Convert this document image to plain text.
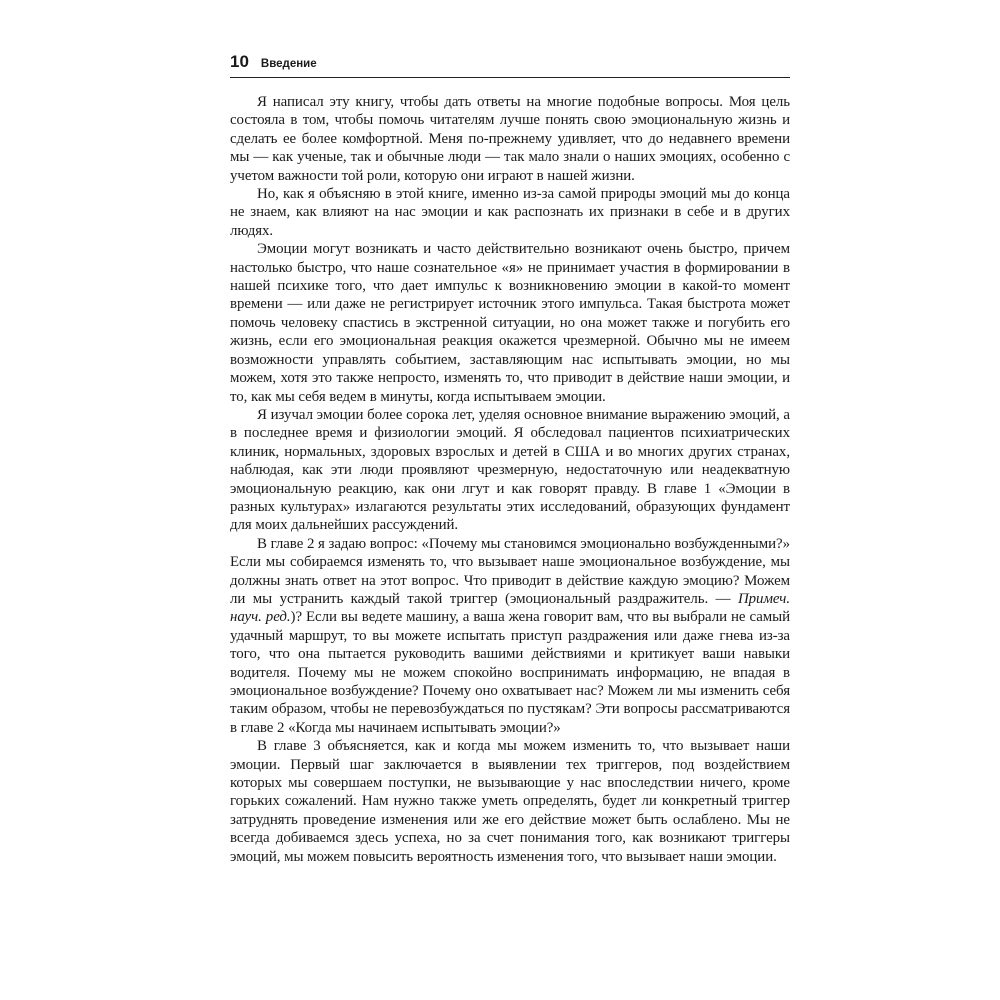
10 Введение

Я написал эту книгу, чтобы дать ответы на многие подобные вопросы. Моя цель состояла в том, чтобы помочь читателям лучше понять свою эмоциональную жизнь и сделать ее более комфортной. Меня по-прежнему удивляет, что до недавнего времени мы — как ученые, так и обычные люди — так мало знали о наших эмоциях, особенно с учетом важности той роли, которую они играют в нашей жизни.

Но, как я объясняю в этой книге, именно из-за самой природы эмоций мы до конца не знаем, как влияют на нас эмоции и как распознать их признаки в себе и в других людях.

Эмоции могут возникать и часто действительно возникают очень быстро, причем настолько быстро, что наше сознательное «я» не принимает участия в формировании в нашей психике того, что дает импульс к возникновению эмоции в какой-то момент времени — или даже не регистрирует источник этого импульса. Такая быстрота может помочь человеку спастись в экстренной ситуации, но она может также и погубить его жизнь, если его эмоциональная реакция окажется чрезмерной. Обычно мы не имеем возможности управлять событием, заставляющим нас испытывать эмоции, но мы можем, хотя это также непросто, изменять то, что приводит в действие наши эмоции, и то, как мы себя ведем в минуты, когда испытываем эмоции.

Я изучал эмоции более сорока лет, уделяя основное внимание выражению эмоций, а в последнее время и физиологии эмоций. Я обследовал пациентов психиатрических клиник, нормальных, здоровых взрослых и детей в США и во многих других странах, наблюдая, как эти люди проявляют чрезмерную, недостаточную или неадекватную эмоциональную реакцию, как они лгут и как говорят правду. В главе 1 «Эмоции в разных культурах» излагаются результаты этих исследований, образующих фундамент для моих дальнейших рассуждений.

В главе 2 я задаю вопрос: «Почему мы становимся эмоционально возбужденными?» Если мы собираемся изменять то, что вызывает наше эмоциональное возбуждение, мы должны знать ответ на этот вопрос. Что приводит в действие каждую эмоцию? Можем ли мы устранить каждый такой триггер (эмоциональный раздражитель. — Примеч. науч. ред.)? Если вы ведете машину, а ваша жена говорит вам, что вы выбрали не самый удачный маршрут, то вы можете испытать приступ раздражения или даже гнева из-за того, что она пытается руководить вашими действиями и критикует ваши навыки водителя. Почему мы не можем спокойно воспринимать информацию, не впадая в эмоциональное возбуждение? Почему оно охватывает нас? Можем ли мы изменить себя таким образом, чтобы не перевозбуждаться по пустякам? Эти вопросы рассматриваются в главе 2 «Когда мы начинаем испытывать эмоции?»

В главе 3 объясняется, как и когда мы можем изменить то, что вызывает наши эмоции. Первый шаг заключается в выявлении тех триггеров, под воздействием которых мы совершаем поступки, не вызывающие у нас впоследствии ничего, кроме горьких сожалений. Нам нужно также уметь определять, будет ли конкретный триггер затруднять проведение изменения или же его действие может быть ослаблено. Мы не всегда добиваемся здесь успеха, но за счет понимания того, как возникают триггеры эмоций, мы можем повысить вероятность изменения того, что вызывает наши эмоции.
